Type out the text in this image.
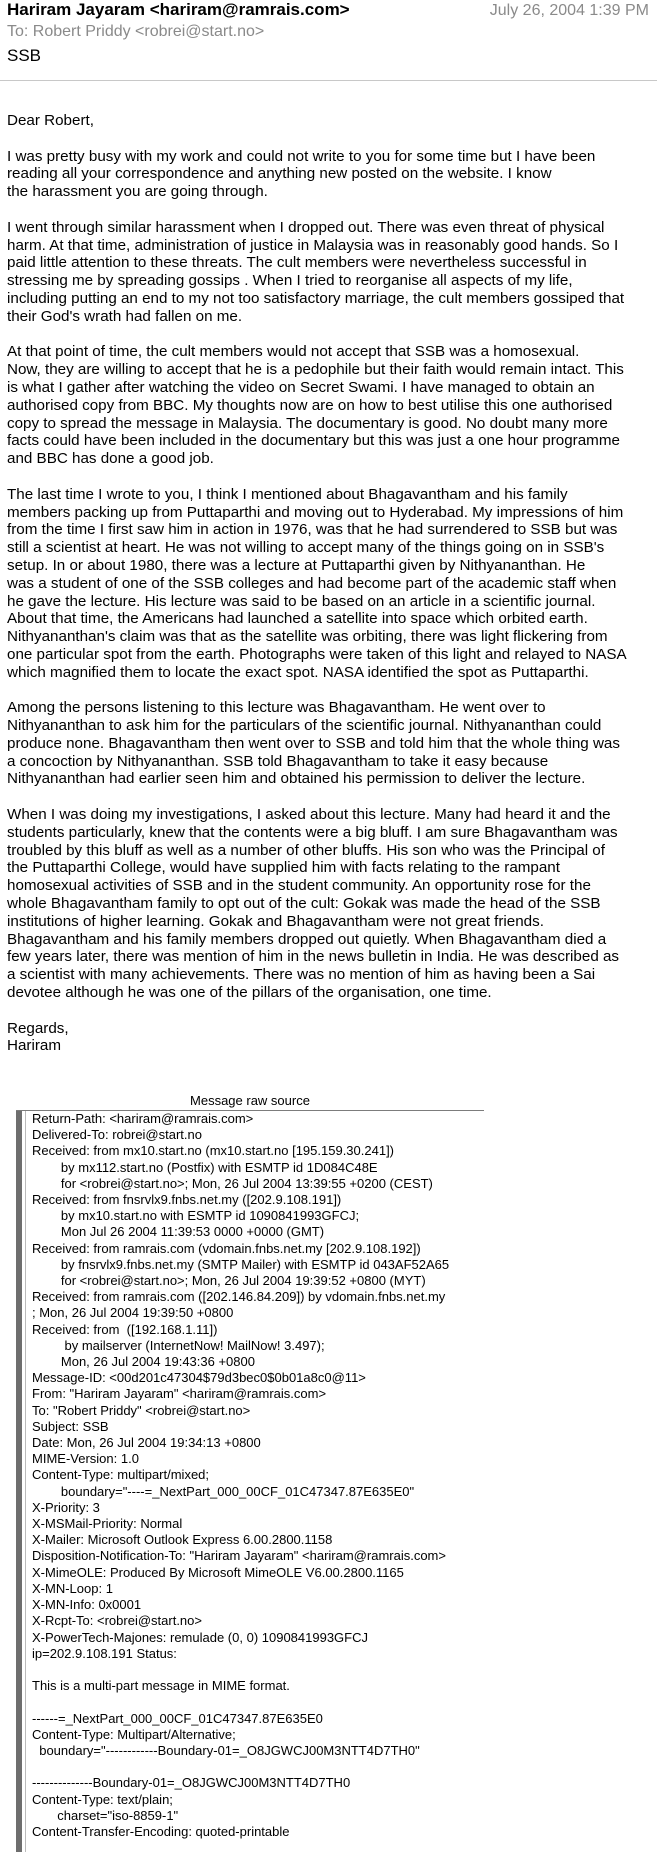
Hariram Jayaram <hariram@ramrais.com>	July 26, 2004 1:39 PM
To: Robert Priddy <robrei@start.no>
SSB
Dear Robert,
I was pretty busy with my work and could not write to you for some time but I have been
reading all your correspondence and anything new posted on the website. I know
the harassment you are going through.
I went through similar harassment when I dropped out. There was even threat of physical
harm. At that time, administration of justice in Malaysia was in reasonably good hands. So I
paid little attention to these threats. The cult members were nevertheless successful in
stressing me by spreading gossips . When I tried to reorganise all aspects of my life,
including putting an end to my not too satisfactory marriage, the cult members gossiped that
their God's wrath had fallen on me.
At that point of time, the cult members would not accept that SSB was a homosexual.
Now, they are willing to accept that he is a pedophile but their faith would remain intact. This
is what I gather after watching the video on Secret Swami. I have managed to obtain an
authorised copy from BBC. My thoughts now are on how to best utilise this one authorised
copy to spread the message in Malaysia. The documentary is good. No doubt many more
facts could have been included in the documentary but this was just a one hour programme
and BBC has done a good job.
The last time I wrote to you, I think I mentioned about Bhagavantham and his family
members packing up from Puttaparthi and moving out to Hyderabad. My impressions of him
from the time I first saw him in action in 1976, was that he had surrendered to SSB but was
still a scientist at heart. He was not willing to accept many of the things going on in SSB's
setup. In or about 1980, there was a lecture at Puttaparthi given by Nithyananthan. He
was a student of one of the SSB colleges and had become part of the academic staff when
he gave the lecture. His lecture was said to be based on an article in a scientific journal.
About that time, the Americans had launched a satellite into space which orbited earth.
Nithyananthan's claim was that as the satellite was orbiting, there was light flickering from
one particular spot from the earth. Photographs were taken of this light and relayed to NASA
which magnified them to locate the exact spot. NASA identified the spot as Puttaparthi.
Among the persons listening to this lecture was Bhagavantham. He went over to
Nithyananthan to ask him for the particulars of the scientific journal. Nithyananthan could
produce none. Bhagavantham then went over to SSB and told him that the whole thing was
a concoction by Nithyananthan. SSB told Bhagavantham to take it easy because
Nithyananthan had earlier seen him and obtained his permission to deliver the lecture.
When I was doing my investigations, I asked about this lecture. Many had heard it and the
students particularly, knew that the contents were a big bluff. I am sure Bhagavantham was
troubled by this bluff as well as a number of other bluffs. His son who was the Principal of
the Puttaparthi College, would have supplied him with facts relating to the rampant
homosexual activities of SSB and in the student community. An opportunity rose for the
whole Bhagavantham family to opt out of the cult: Gokak was made the head of the SSB
institutions of higher learning. Gokak and Bhagavantham were not great friends.
Bhagavantham and his family members dropped out quietly. When Bhagavantham died a
few years later, there was mention of him in the news bulletin in India. He was described as
a scientist with many achievements. There was no mention of him as having been a Sai
devotee although he was one of the pillars of the organisation, one time.
Regards,
Hariram
Message raw source
Return-Path: <hariram@ramrais.com>
Delivered-To: robrei@start.no
Received: from mx10.start.no (mx10.start.no [195.159.30.241])
by mx112.start.no (Postfix) with ESMTP id 1D084C48E
for <robrei@start.no>; Mon, 26 Jul 2004 13:39:55 +0200 (CEST)
Received: from fnsrvlx9.fnbs.net.my ([202.9.108.191])
by mx10.start.no with ESMTP id 1090841993GFCJ;
Mon Jul 26 2004 11:39:53 0000 +0000 (GMT)
Received: from ramrais.com (vdomain.fnbs.net.my [202.9.108.192])
by fnsrvlx9.fnbs.net.my (SMTP Mailer) with ESMTP id 043AF52A65
for <robrei@start.no>; Mon, 26 Jul 2004 19:39:52 +0800 (MYT)
Received: from ramrais.com ([202.146.84.209]) by vdomain.fnbs.net.my
; Mon, 26 Jul 2004 19:39:50 +0800
Received: from  ([192.168.1.11])
by mailserver (InternetNow! MailNow! 3.497);
Mon, 26 Jul 2004 19:43:36 +0800
Message-ID: <00d201c47304$79d3bec0$0b01a8c0@11>
From: "Hariram Jayaram" <hariram@ramrais.com>
To: "Robert Priddy" <robrei@start.no>
Subject: SSB
Date: Mon, 26 Jul 2004 19:34:13 +0800
MIME-Version: 1.0
Content-Type: multipart/mixed;
boundary="----=_NextPart_000_00CF_01C47347.87E635E0"
X-Priority: 3
X-MSMail-Priority: Normal
X-Mailer: Microsoft Outlook Express 6.00.2800.1158
Disposition-Notification-To: "Hariram Jayaram" <hariram@ramrais.com>
X-MimeOLE: Produced By Microsoft MimeOLE V6.00.2800.1165
X-MN-Loop: 1
X-MN-Info: 0x0001
X-Rcpt-To: <robrei@start.no>
X-PowerTech-Majones: remulade (0, 0) 1090841993GFCJ
ip=202.9.108.191 Status:

This is a multi-part message in MIME format.

------=_NextPart_000_00CF_01C47347.87E635E0
Content-Type: Multipart/Alternative;
boundary="------------Boundary-01=_O8JGWCJ00M3NTT4D7TH0"

--------------Boundary-01=_O8JGWCJ00M3NTT4D7TH0
Content-Type: text/plain;
charset="iso-8859-1"
Content-Transfer-Encoding: quoted-printable
